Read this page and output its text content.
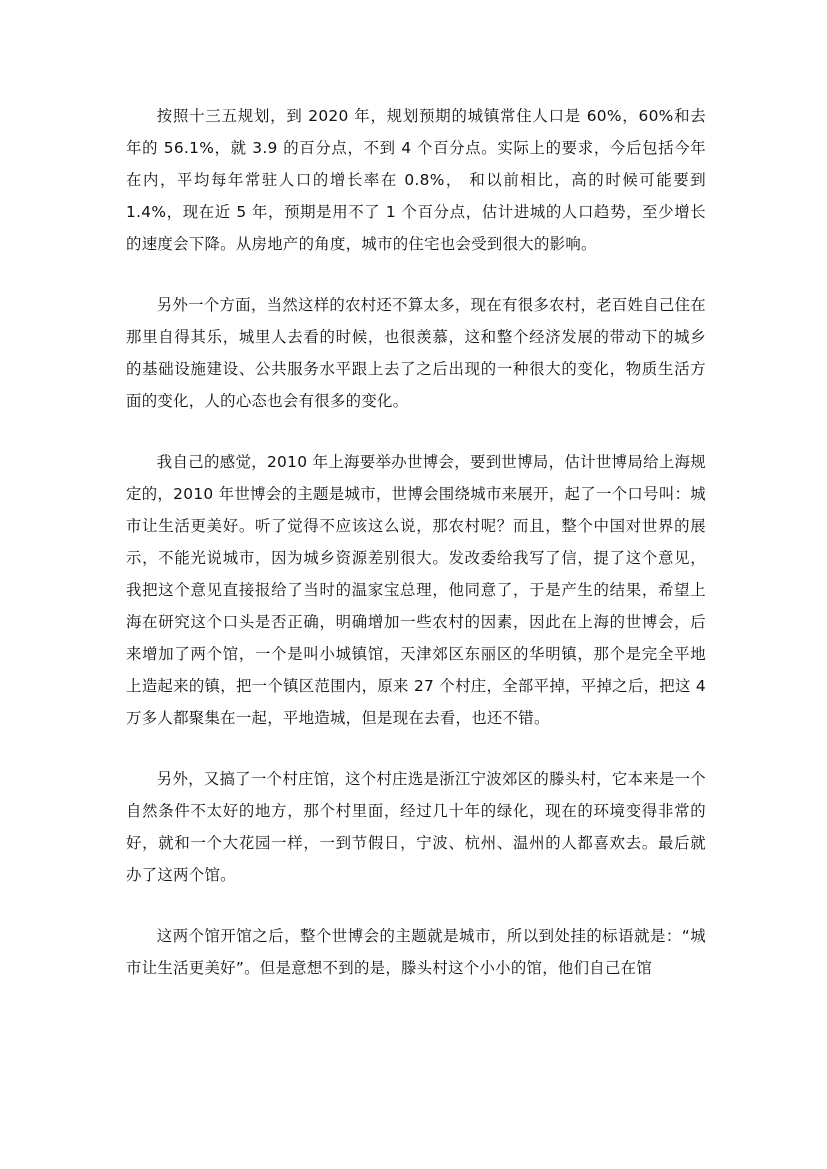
按照十三五规划，到 2020 年，规划预期的城镇常住人口是 60%，60%和去年的 56.1%，就 3.9 的百分点，不到 4 个百分点。实际上的要求，今后包括今年在内，平均每年常驻人口的增长率在 0.8%， 和以前相比，高的时候可能要到 1.4%，现在近 5 年，预期是用不了 1 个百分点，估计进城的人口趋势，至少增长的速度会下降。从房地产的角度，城市的住宅也会受到很大的影响。

另外一个方面，当然这样的农村还不算太多，现在有很多农村，老百姓自己住在那里自得其乐，城里人去看的时候，也很羡慕，这和整个经济发展的带动下的城乡的基础设施建设、公共服务水平跟上去了之后出现的一种很大的变化，物质生活方面的变化，人的心态也会有很多的变化。

我自己的感觉，2010 年上海要举办世博会，要到世博局，估计世博局给上海规定的，2010 年世博会的主题是城市，世博会围绕城市来展开，起了一个口号叫：城市让生活更美好。听了觉得不应该这么说，那农村呢？而且，整个中国对世界的展示，不能光说城市，因为城乡资源差别很大。发改委给我写了信，提了这个意见，我把这个意见直接报给了当时的温家宝总理，他同意了，于是产生的结果，希望上海在研究这个口头是否正确，明确增加一些农村的因素，因此在上海的世博会，后来增加了两个馆，一个是叫小城镇馆，天津郊区东丽区的华明镇，那个是完全平地上造起来的镇，把一个镇区范围内，原来 27 个村庄，全部平掉，平掉之后，把这 4 万多人都聚集在一起，平地造城，但是现在去看，也还不错。

另外，又搞了一个村庄馆，这个村庄选是浙江宁波郊区的滕头村，它本来是一个自然条件不太好的地方，那个村里面，经过几十年的绿化，现在的环境变得非常的好，就和一个大花园一样，一到节假日，宁波、杭州、温州的人都喜欢去。最后就办了这两个馆。

这两个馆开馆之后，整个世博会的主题就是城市，所以到处挂的标语就是：“城市让生活更美好”。但是意想不到的是，滕头村这个小小的馆，他们自己在馆
